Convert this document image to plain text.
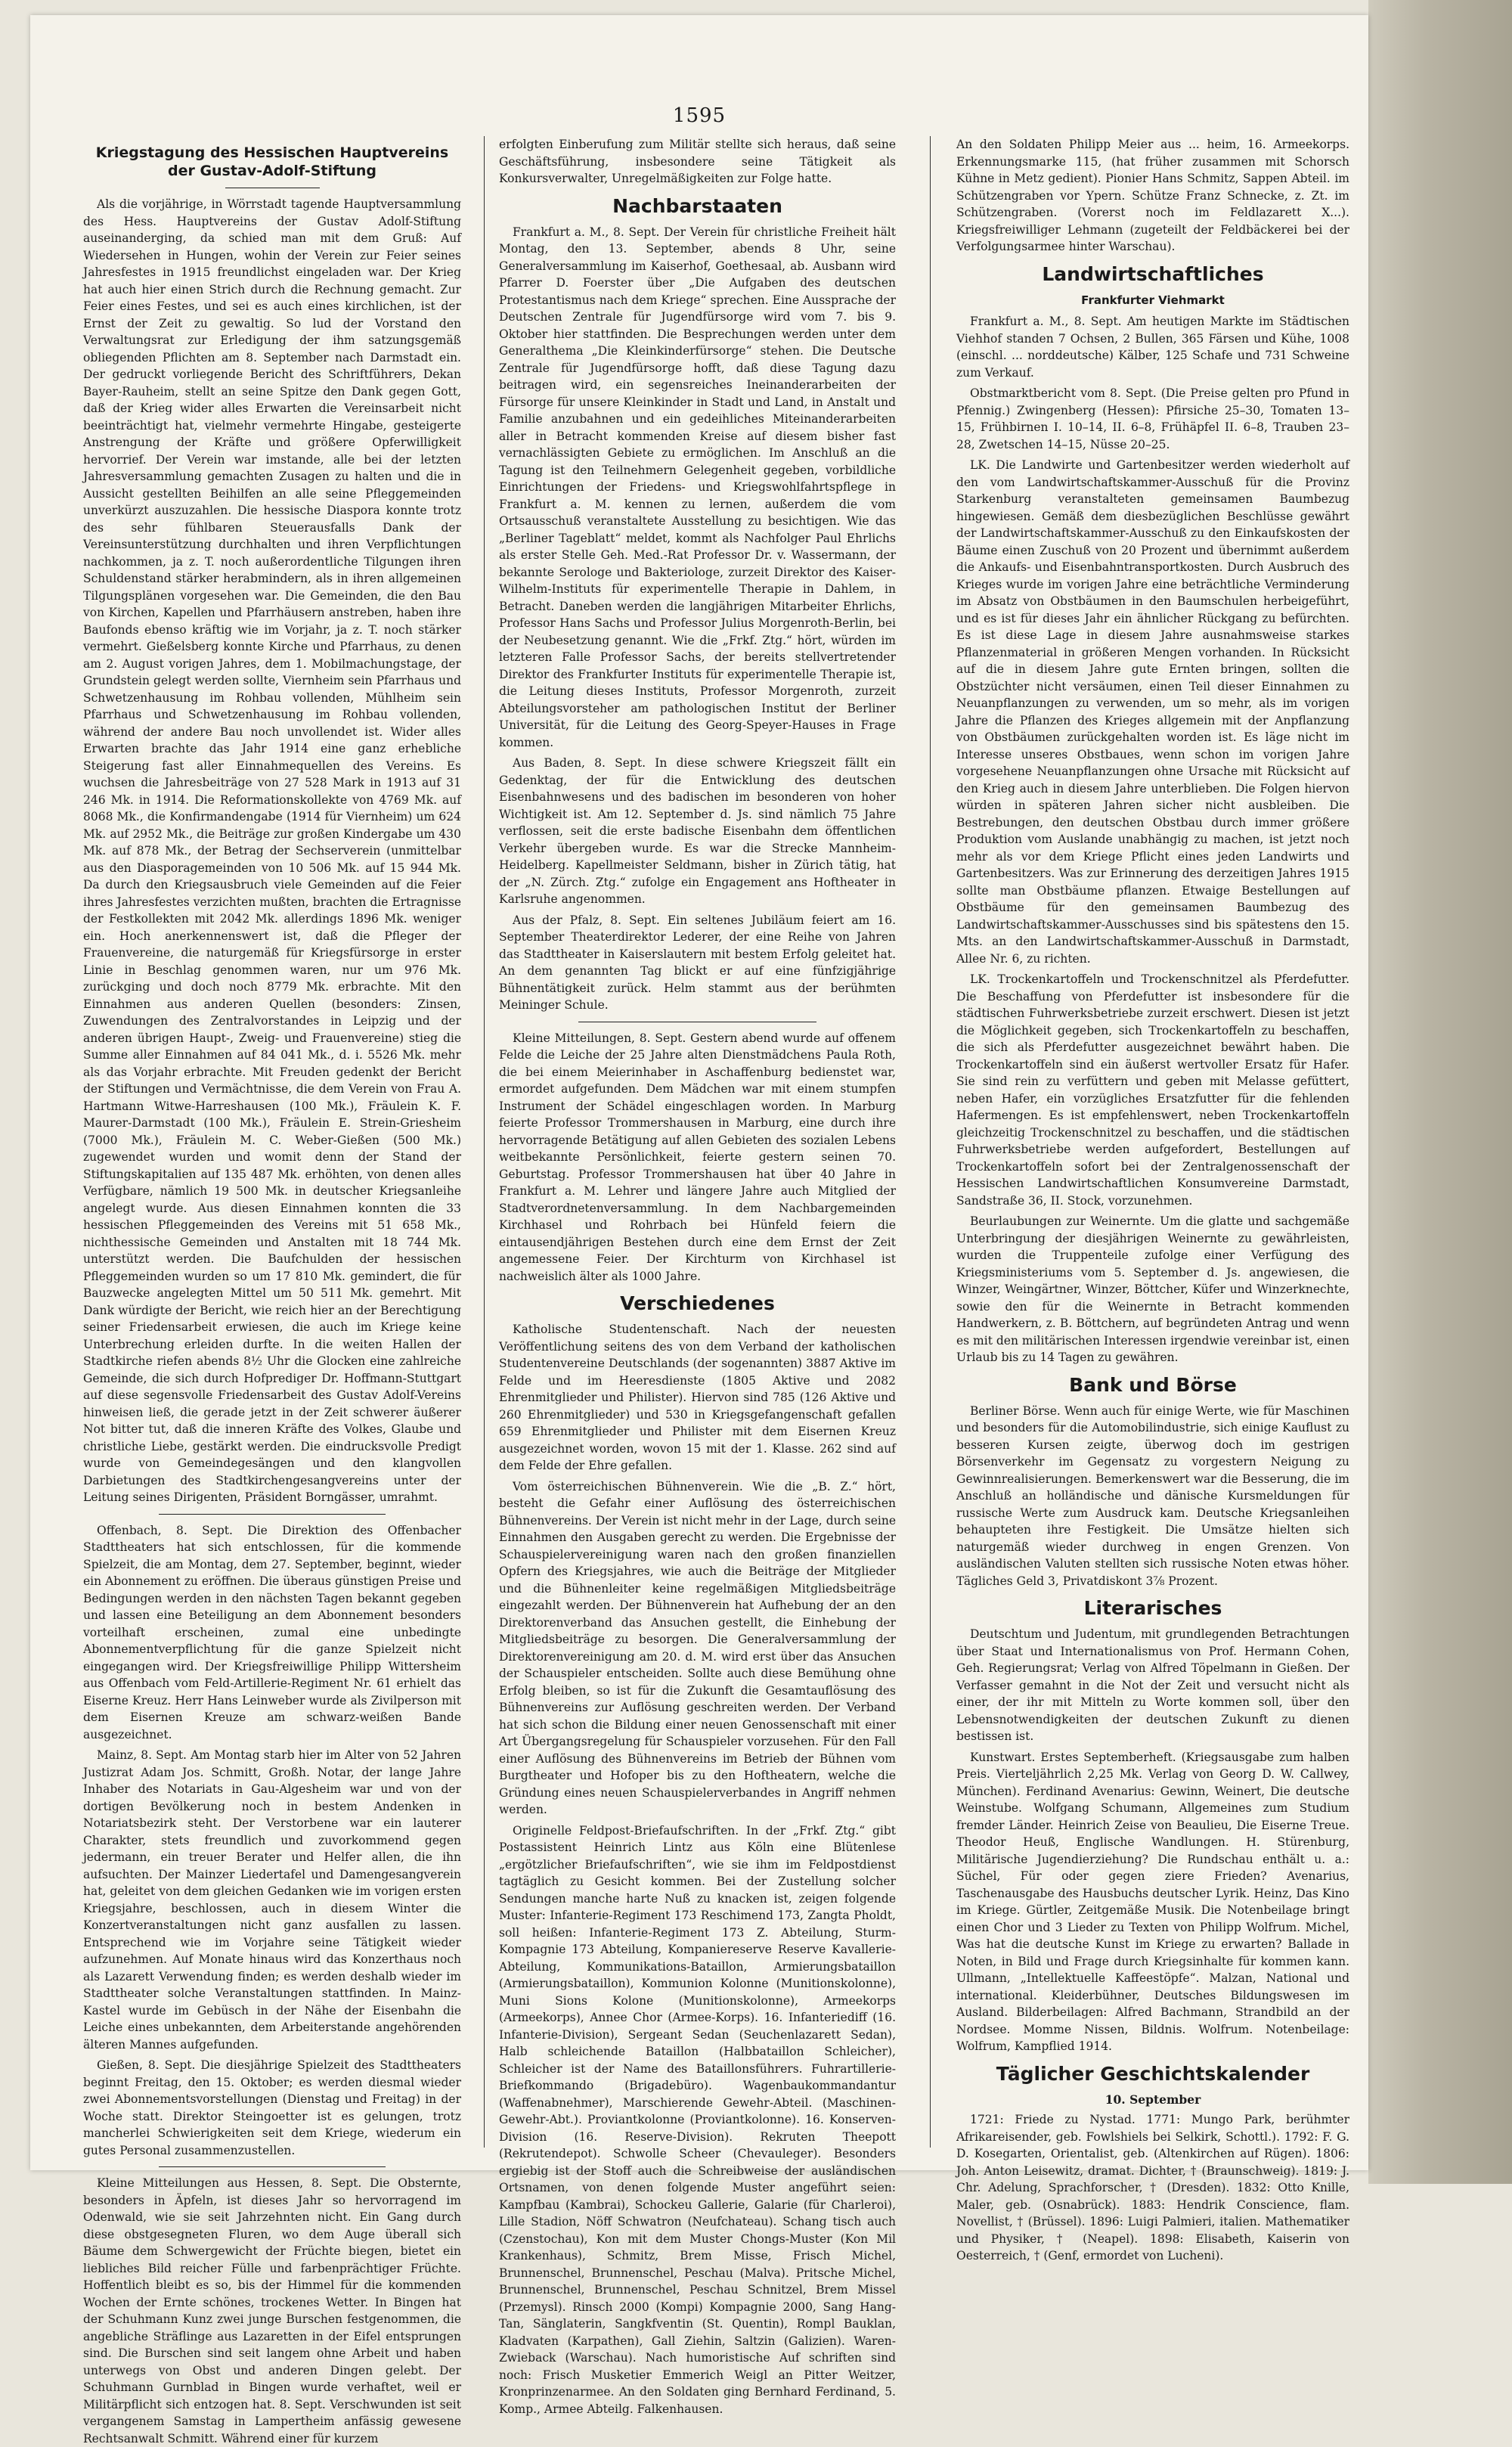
1595
Kriegstagung des Hessischen Hauptvereins der Gustav-Adolf-Stiftung

Als die vorjährige, in Wörrstadt tagende Hauptversammlung des Hess. Hauptvereins der Gustav Adolf-Stiftung auseinanderging, da schied man mit dem Gruß: Auf Wiedersehen in Hungen, wohin der Verein zur Feier seines Jahresfestes in 1915 freundlichst eingeladen war. Der Krieg hat auch hier einen Strich durch die Rechnung gemacht. Zur Feier eines Festes, und sei es auch eines kirchlichen, ist der Ernst der Zeit zu gewaltig. So lud der Vorstand den Verwaltungsrat zur Erledigung der ihm satzungsgemäß obliegenden Pflichten am 8. September nach Darmstadt ein. Der gedruckt vorliegende Bericht des Schriftführers, Dekan Bayer-Rauheim, stellt an seine Spitze den Dank gegen Gott, daß der Krieg wider alles Erwarten die Vereinsarbeit nicht beeinträchtigt hat, vielmehr vermehrte Hingabe, gesteigerte Anstrengung der Kräfte und größere Opferwilligkeit hervorrief. Der Verein war imstande, alle bei der letzten Jahresversammlung gemachten Zusagen zu halten und die in Aussicht gestellten Beihilfen an alle seine Pfleggemeinden unverkürzt auszuzahlen. Die hessische Diaspora konnte trotz des sehr fühlbaren Steuerausfalls Dank der Vereinsunterstützung durchhalten und ihren Verpflichtungen nachkommen, ja z. T. noch außerordentliche Tilgungen ihren Schuldenstand stärker herabmindern, als in ihren allgemeinen Tilgungsplänen vorgesehen war. Die Gemeinden, die den Bau von Kirchen, Kapellen und Pfarrhäusern anstreben, haben ihre Baufonds ebenso kräftig wie im Vorjahr, ja z. T. noch stärker vermehrt. Gießelsberg konnte Kirche und Pfarrhaus, zu denen am 2. August vorigen Jahres, dem 1. Mobilmachungstage, der Grundstein gelegt werden sollte, Viernheim sein Pfarrhaus und Schwetzenhausung im Rohbau vollenden, Mühlheim sein Pfarrhaus und Schwetzenhausung im Rohbau vollenden, während der andere Bau noch unvollendet ist. Wider alles Erwarten brachte das Jahr 1914 eine ganz erhebliche Steigerung fast aller Einnahmequellen des Vereins. Es wuchsen die Jahresbeiträge von 27 528 Mark in 1913 auf 31 246 Mk. in 1914. Die Reformationskollekte von 4769 Mk. auf 8068 Mk., die Konfirmandengabe (1914 für Viernheim) um 624 Mk. auf 2952 Mk., die Beiträge zur großen Kindergabe um 430 Mk. auf 878 Mk., der Betrag der Sechserverein (unmittelbar aus den Diasporagemeinden von 10 506 Mk. auf 15 944 Mk. Da durch den Kriegsausbruch viele Gemeinden auf die Feier ihres Jahresfestes verzichten mußten, brachten die Ertragnisse der Festkollekten mit 2042 Mk. allerdings 1896 Mk. weniger ein. Hoch anerkennenswert ist, daß die Pfleger der Frauenvereine, die naturgemäß für Kriegsfürsorge in erster Linie in Beschlag genommen waren, nur um 976 Mk. zurückging und doch noch 8779 Mk. erbrachte. Mit den Einnahmen aus anderen Quellen (besonders: Zinsen, Zuwendungen des Zentralvorstandes in Leipzig und der anderen übrigen Haupt-, Zweig- und Frauenvereine) stieg die Summe aller Einnahmen auf 84 041 Mk., d. i. 5526 Mk. mehr als das Vorjahr erbrachte. Mit Freuden gedenkt der Bericht der Stiftungen und Vermächtnisse, die dem Verein von Frau A. Hartmann Witwe-Harreshausen (100 Mk.), Fräulein K. F. Maurer-Darmstadt (100 Mk.), Fräulein E. Strein-Griesheim (7000 Mk.), Fräulein M. C. Weber-Gießen (500 Mk.) zugewendet wurden und womit denn der Stand der Stiftungskapitalien auf 135 487 Mk. erhöhten, von denen alles Verfügbare, nämlich 19 500 Mk. in deutscher Kriegsanleihe angelegt wurde. Aus diesen Einnahmen konnten die 33 hessischen Pfleggemeinden des Vereins mit 51 658 Mk., nichthessische Gemeinden und Anstalten mit 18 744 Mk. unterstützt werden. Die Baufchulden der hessischen Pfleggemeinden wurden so um 17 810 Mk. gemindert, die für Bauzwecke angelegten Mittel um 50 511 Mk. gemehrt. Mit Dank würdigte der Bericht, wie reich hier an der Berechtigung seiner Friedensarbeit erwiesen, die auch im Kriege keine Unterbrechung erleiden durfte. In die weiten Hallen der Stadtkirche riefen abends 8½ Uhr die Glocken eine zahlreiche Gemeinde, die sich durch Hofprediger Dr. Hoffmann-Stuttgart auf diese segensvolle Friedensarbeit des Gustav Adolf-Vereins hinweisen ließ, die gerade jetzt in der Zeit schwerer äußerer Not bitter tut, daß die inneren Kräfte des Volkes, Glaube und christliche Liebe, gestärkt werden. Die eindrucksvolle Predigt wurde von Gemeindegesängen und den klangvollen Darbietungen des Stadtkirchengesangvereins unter der Leitung seines Dirigenten, Präsident Borngässer, umrahmt.

Offenbach, 8. Sept. Die Direktion des Offenbacher Stadttheaters hat sich entschlossen, für die kommende Spielzeit, die am Montag, dem 27. September, beginnt, wieder ein Abonnement zu eröffnen. Die überaus günstigen Preise und Bedingungen werden in den nächsten Tagen bekannt gegeben und lassen eine Beteiligung an dem Abonnement besonders vorteilhaft erscheinen, zumal eine unbedingte Abonnementverpflichtung für die ganze Spielzeit nicht eingegangen wird. Der Kriegsfreiwillige Philipp Wittersheim aus Offenbach vom Feld-Artillerie-Regiment Nr. 61 erhielt das Eiserne Kreuz. Herr Hans Leinweber wurde als Zivilperson mit dem Eisernen Kreuze am schwarz-weißen Bande ausgezeichnet.

Mainz, 8. Sept. Am Montag starb hier im Alter von 52 Jahren Justizrat Adam Jos. Schmitt, Großh. Notar, der lange Jahre Inhaber des Notariats in Gau-Algesheim war und von der dortigen Bevölkerung noch in bestem Andenken in Notariatsbezirk steht. Der Verstorbene war ein lauterer Charakter, stets freundlich und zuvorkommend gegen jedermann, ein treuer Berater und Helfer allen, die ihn aufsuchten. Der Mainzer Liedertafel und Damengesangverein hat, geleitet von dem gleichen Gedanken wie im vorigen ersten Kriegsjahre, beschlossen, auch in diesem Winter die Konzertveranstaltungen nicht ganz ausfallen zu lassen. Entsprechend wie im Vorjahre seine Tätigkeit wieder aufzunehmen. Auf Monate hinaus wird das Konzerthaus noch als Lazarett Verwendung finden; es werden deshalb wieder im Stadttheater solche Veranstaltungen stattfinden. In Mainz-Kastel wurde im Gebüsch in der Nähe der Eisenbahn die Leiche eines unbekannten, dem Arbeiterstande angehörenden älteren Mannes aufgefunden.

Gießen, 8. Sept. Die diesjährige Spielzeit des Stadttheaters beginnt Freitag, den 15. Oktober; es werden diesmal wieder zwei Abonnementsvorstellungen (Dienstag und Freitag) in der Woche statt. Direktor Steingoetter ist es gelungen, trotz mancherlei Schwierigkeiten seit dem Kriege, wiederum ein gutes Personal zusammenzustellen.

Kleine Mitteilungen aus Hessen, 8. Sept. Die Obsternte, besonders in Äpfeln, ist dieses Jahr so hervorragend im Odenwald, wie sie seit Jahrzehnten nicht. Ein Gang durch diese obstgesegneten Fluren, wo dem Auge überall sich Bäume dem Schwergewicht der Früchte biegen, bietet ein liebliches Bild reicher Fülle und farbenprächtiger Früchte. Hoffentlich bleibt es so, bis der Himmel für die kommenden Wochen der Ernte schönes, trockenes Wetter. In Bingen hat der Schuhmann Kunz zwei junge Burschen festgenommen, die angebliche Sträflinge aus Lazaretten in der Eifel entsprungen sind. Die Burschen sind seit langem ohne Arbeit und haben unterwegs von Obst und anderen Dingen gelebt. Der Schuhmann Gurnblad in Bingen wurde verhaftet, weil er Militärpflicht sich entzogen hat. 8. Sept. Verschwunden ist seit vergangenem Samstag in Lampertheim anfässig gewesene Rechtsanwalt Schmitt. Während einer für kurzem

erfolgten Einberufung zum Militär stellte sich heraus, daß seine Geschäftsführung, insbesondere seine Tätigkeit als Konkursverwalter, Unregelmäßigkeiten zur Folge hatte.

Nachbarstaaten

Frankfurt a. M., 8. Sept. Der Verein für christliche Freiheit hält Montag, den 13. September, abends 8 Uhr, seine Generalversammlung im Kaiserhof, Goethesaal, ab. Ausbann wird Pfarrer D. Foerster über „Die Aufgaben des deutschen Protestantismus nach dem Kriege“ sprechen. Eine Aussprache der Deutschen Zentrale für Jugendfürsorge wird vom 7. bis 9. Oktober hier stattfinden. Die Besprechungen werden unter dem Generalthema „Die Kleinkinderfürsorge“ stehen. Die Deutsche Zentrale für Jugendfürsorge hofft, daß diese Tagung dazu beitragen wird, ein segensreiches Ineinanderarbeiten der Fürsorge für unsere Kleinkinder in Stadt und Land, in Anstalt und Familie anzubahnen und ein gedeihliches Miteinanderarbeiten aller in Betracht kommenden Kreise auf diesem bisher fast vernachlässigten Gebiete zu ermöglichen. Im Anschluß an die Tagung ist den Teilnehmern Gelegenheit gegeben, vorbildliche Einrichtungen der Friedens- und Kriegswohlfahrtspflege in Frankfurt a. M. kennen zu lernen, außerdem die vom Ortsausschuß veranstaltete Ausstellung zu besichtigen. Wie das „Berliner Tageblatt“ meldet, kommt als Nachfolger Paul Ehrlichs als erster Stelle Geh. Med.-Rat Professor Dr. v. Wassermann, der bekannte Serologe und Bakteriologe, zurzeit Direktor des Kaiser-Wilhelm-Instituts für experimentelle Therapie in Dahlem, in Betracht. Daneben werden die langjährigen Mitarbeiter Ehrlichs, Professor Hans Sachs und Professor Julius Morgenroth-Berlin, bei der Neubesetzung genannt. Wie die „Frkf. Ztg.“ hört, würden im letzteren Falle Professor Sachs, der bereits stellvertretender Direktor des Frankfurter Instituts für experimentelle Therapie ist, die Leitung dieses Instituts, Professor Morgenroth, zurzeit Abteilungsvorsteher am pathologischen Institut der Berliner Universität, für die Leitung des Georg-Speyer-Hauses in Frage kommen.

Aus Baden, 8. Sept. In diese schwere Kriegszeit fällt ein Gedenktag, der für die Entwicklung des deutschen Eisenbahnwesens und des badischen im besonderen von hoher Wichtigkeit ist. Am 12. September d. Js. sind nämlich 75 Jahre verflossen, seit die erste badische Eisenbahn dem öffentlichen Verkehr übergeben wurde. Es war die Strecke Mannheim-Heidelberg. Kapellmeister Seldmann, bisher in Zürich tätig, hat der „N. Zürch. Ztg.“ zufolge ein Engagement ans Hoftheater in Karlsruhe angenommen.

Aus der Pfalz, 8. Sept. Ein seltenes Jubiläum feiert am 16. September Theaterdirektor Lederer, der eine Reihe von Jahren das Stadttheater in Kaiserslautern mit bestem Erfolg geleitet hat. An dem genannten Tag blickt er auf eine fünfzigjährige Bühnentätigkeit zurück. Helm stammt aus der berühmten Meininger Schule.

Kleine Mitteilungen, 8. Sept. Gestern abend wurde auf offenem Felde die Leiche der 25 Jahre alten Dienstmädchens Paula Roth, die bei einem Meierinhaber in Aschaffenburg bedienstet war, ermordet aufgefunden. Dem Mädchen war mit einem stumpfen Instrument der Schädel eingeschlagen worden. In Marburg feierte Professor Trommershausen in Marburg, eine durch ihre hervorragende Betätigung auf allen Gebieten des sozialen Lebens weitbekannte Persönlichkeit, feierte gestern seinen 70. Geburtstag. Professor Trommershausen hat über 40 Jahre in Frankfurt a. M. Lehrer und längere Jahre auch Mitglied der Stadtverordnetenversammlung. In dem Nachbargemeinden Kirchhasel und Rohrbach bei Hünfeld feiern die eintausendjährigen Bestehen durch eine dem Ernst der Zeit angemessene Feier. Der Kirchturm von Kirchhasel ist nachweislich älter als 1000 Jahre.

Verschiedenes

Katholische Studentenschaft. Nach der neuesten Veröffentlichung seitens des von dem Verband der katholischen Studentenvereine Deutschlands (der sogenannten) 3887 Aktive im Felde und im Heeresdienste (1805 Aktive und 2082 Ehrenmitglieder und Philister). Hiervon sind 785 (126 Aktive und 260 Ehrenmitglieder) und 530 in Kriegsgefangenschaft gefallen 659 Ehrenmitglieder und Philister mit dem Eisernen Kreuz ausgezeichnet worden, wovon 15 mit der 1. Klasse. 262 sind auf dem Felde der Ehre gefallen.

Vom österreichischen Bühnenverein. Wie die „B. Z.“ hört, besteht die Gefahr einer Auflösung des österreichischen Bühnenvereins. Der Verein ist nicht mehr in der Lage, durch seine Einnahmen den Ausgaben gerecht zu werden. Die Ergebnisse der Schauspielervereinigung waren nach den großen finanziellen Opfern des Kriegsjahres, wie auch die Beiträge der Mitglieder und die Bühnenleiter keine regelmäßigen Mitgliedsbeiträge eingezahlt werden. Der Bühnenverein hat Aufhebung der an den Direktorenverband das Ansuchen gestellt, die Einhebung der Mitgliedsbeiträge zu besorgen. Die Generalversammlung der Direktorenvereinigung am 20. d. M. wird erst über das Ansuchen der Schauspieler entscheiden. Sollte auch diese Bemühung ohne Erfolg bleiben, so ist für die Zukunft die Gesamtauflösung des Bühnenvereins zur Auflösung geschreiten werden. Der Verband hat sich schon die Bildung einer neuen Genossenschaft mit einer Art Übergangsregelung für Schauspieler vorzusehen. Für den Fall einer Auflösung des Bühnenvereins im Betrieb der Bühnen vom Burgtheater und Hofoper bis zu den Hoftheatern, welche die Gründung eines neuen Schauspielerverbandes in Angriff nehmen werden.

Originelle Feldpost-Briefaufschriften. In der „Frkf. Ztg.“ gibt Postassistent Heinrich Lintz aus Köln eine Blütenlese „ergötzlicher Briefaufschriften“, wie sie ihm im Feldpostdienst tagtäglich zu Gesicht kommen. Bei der Zustellung solcher Sendungen manche harte Nuß zu knacken ist, zeigen folgende Muster: Infanterie-Regiment 173 Reschimend 173, Zangta Pholdt, soll heißen: Infanterie-Regiment 173 Z. Abteilung, Sturm-Kompagnie 173 Abteilung, Kompaniereserve Reserve Kavallerie-Abteilung, Kommunikations-Bataillon, Armierungsbataillon (Armierungsbataillon), Kommunion Kolonne (Munitionskolonne), Muni Sions Kolone (Munitionskolonne), Armeekorps (Armeekorps), Annee Chor (Armee-Korps). 16. Infanteriediff (16. Infanterie-Division), Sergeant Sedan (Seuchenlazarett Sedan), Halb schleichende Bataillon (Halbbataillon Schleicher), Schleicher ist der Name des Bataillonsführers. Fuhrartillerie-Briefkommando (Brigadebüro). Wagenbaukommandantur (Waffenabnehmer), Marschierende Gewehr-Abteil. (Maschinen-Gewehr-Abt.). Proviantkolonne (Proviantkolonne). 16. Konserven-Division (16. Reserve-Division). Rekruten Theepott (Rekrutendepot). Schwolle Scheer (Chevauleger). Besonders ergiebig ist der Stoff auch die Schreibweise der ausländischen Ortsnamen, von denen folgende Muster angeführt seien: Kampfbau (Kambrai), Schockeu Gallerie, Galarie (für Charleroi), Lille Stadion, Nöff Schwatron (Neufchateau). Schang tisch auch (Czenstochau), Kon mit dem Muster Chongs-Muster (Kon Mil Krankenhaus), Schmitz, Brem Misse, Frisch Michel, Brunnenschel, Brunnenschel, Peschau (Malva). Pritsche Michel, Brunnenschel, Brunnenschel, Peschau Schnitzel, Brem Missel (Przemysl). Rinsch 2000 (Kompi) Kompagnie 2000, Sang Hang-Tan, Sänglaterin, Sangkfventin (St. Quentin), Rompl Bauklan, Kladvaten (Karpathen), Gall Ziehin, Saltzin (Galizien). Waren-Zwieback (Warschau). Nach humoristische Auf schriften sind noch: Frisch Musketier Emmerich Weigl an Pitter Weitzer, Kronprinzenarmee. An den Soldaten ging Bernhard Ferdinand, 5. Komp., Armee Abteilg. Falkenhausen.

An den Soldaten Philipp Meier aus ... heim, 16. Armeekorps. Erkennungsmarke 115, (hat früher zusammen mit Schorsch Kühne in Metz gedient). Pionier Hans Schmitz, Sappen Abteil. im Schützengraben vor Ypern. Schütze Franz Schnecke, z. Zt. im Schützengraben. (Vorerst noch im Feldlazarett X...). Kriegsfreiwilliger Lehmann (zugeteilt der Feldbäckerei bei der Verfolgungsarmee hinter Warschau).

Landwirtschaftliches
Frankfurter Viehmarkt

Frankfurt a. M., 8. Sept. Am heutigen Markte im Städtischen Viehhof standen 7 Ochsen, 2 Bullen, 365 Färsen und Kühe, 1008 (einschl. ... norddeutsche) Kälber, 125 Schafe und 731 Schweine zum Verkauf.

Obstmarktbericht vom 8. Sept. (Die Preise gelten pro Pfund in Pfennig.) Zwingenberg (Hessen): Pfirsiche 25–30, Tomaten 13–15, Frühbirnen I. 10–14, II. 6–8, Frühäpfel II. 6–8, Trauben 23–28, Zwetschen 14–15, Nüsse 20–25.

LK. Die Landwirte und Gartenbesitzer werden wiederholt auf den vom Landwirtschaftskammer-Ausschuß für die Provinz Starkenburg veranstalteten gemeinsamen Baumbezug hingewiesen. Gemäß dem diesbezüglichen Beschlüsse gewährt der Landwirtschaftskammer-Ausschuß zu den Einkaufskosten der Bäume einen Zuschuß von 20 Prozent und übernimmt außerdem die Ankaufs- und Eisenbahntransportkosten. Durch Ausbruch des Krieges wurde im vorigen Jahre eine beträchtliche Verminderung im Absatz von Obstbäumen in den Baumschulen herbeigeführt, und es ist für dieses Jahr ein ähnlicher Rückgang zu befürchten. Es ist diese Lage in diesem Jahre ausnahmsweise starkes Pflanzenmaterial in größeren Mengen vorhanden. In Rücksicht auf die in diesem Jahre gute Ernten bringen, sollten die Obstzüchter nicht versäumen, einen Teil dieser Einnahmen zu Neuanpflanzungen zu verwenden, um so mehr, als im vorigen Jahre die Pflanzen des Krieges allgemein mit der Anpflanzung von Obstbäumen zurückgehalten worden ist. Es läge nicht im Interesse unseres Obstbaues, wenn schon im vorigen Jahre vorgesehene Neuanpflanzungen ohne Ursache mit Rücksicht auf den Krieg auch in diesem Jahre unterblieben. Die Folgen hiervon würden in späteren Jahren sicher nicht ausbleiben. Die Bestrebungen, den deutschen Obstbau durch immer größere Produktion vom Auslande unabhängig zu machen, ist jetzt noch mehr als vor dem Kriege Pflicht eines jeden Landwirts und Gartenbesitzers. Was zur Erinnerung des derzeitigen Jahres 1915 sollte man Obstbäume pflanzen. Etwaige Bestellungen auf Obstbäume für den gemeinsamen Baumbezug des Landwirtschaftskammer-Ausschusses sind bis spätestens den 15. Mts. an den Landwirtschaftskammer-Ausschuß in Darmstadt, Allee Nr. 6, zu richten.

LK. Trockenkartoffeln und Trockenschnitzel als Pferdefutter. Die Beschaffung von Pferdefutter ist insbesondere für die städtischen Fuhrwerksbetriebe zurzeit erschwert. Diesen ist jetzt die Möglichkeit gegeben, sich Trockenkartoffeln zu beschaffen, die sich als Pferdefutter ausgezeichnet bewährt haben. Die Trockenkartoffeln sind ein äußerst wertvoller Ersatz für Hafer. Sie sind rein zu verfüttern und geben mit Melasse gefüttert, neben Hafer, ein vorzügliches Ersatzfutter für die fehlenden Hafermengen. Es ist empfehlenswert, neben Trockenkartoffeln gleichzeitig Trockenschnitzel zu beschaffen, und die städtischen Fuhrwerksbetriebe werden aufgefordert, Bestellungen auf Trockenkartoffeln sofort bei der Zentralgenossenschaft der Hessischen Landwirtschaftlichen Konsumvereine Darmstadt, Sandstraße 36, II. Stock, vorzunehmen.

Beurlaubungen zur Weinernte. Um die glatte und sachgemäße Unterbringung der diesjährigen Weinernte zu gewährleisten, wurden die Truppenteile zufolge einer Verfügung des Kriegsministeriums vom 5. September d. Js. angewiesen, die Winzer, Weingärtner, Winzer, Böttcher, Küfer und Winzerknechte, sowie den für die Weinernte in Betracht kommenden Handwerkern, z. B. Böttchern, auf begründeten Antrag und wenn es mit den militärischen Interessen irgendwie vereinbar ist, einen Urlaub bis zu 14 Tagen zu gewähren.

Bank und Börse

Berliner Börse. Wenn auch für einige Werte, wie für Maschinen und besonders für die Automobilindustrie, sich einige Kauflust zu besseren Kursen zeigte, überwog doch im gestrigen Börsenverkehr im Gegensatz zu vorgestern Neigung zu Gewinnrealisierungen. Bemerkenswert war die Besserung, die im Anschluß an holländische und dänische Kursmeldungen für russische Werte zum Ausdruck kam. Deutsche Kriegsanleihen behaupteten ihre Festigkeit. Die Umsätze hielten sich naturgemäß wieder durchweg in engen Grenzen. Von ausländischen Valuten stellten sich russische Noten etwas höher. Tägliches Geld 3, Privatdiskont 3⅞ Prozent.

Literarisches

Deutschtum und Judentum, mit grundlegenden Betrachtungen über Staat und Internationalismus von Prof. Hermann Cohen, Geh. Regierungsrat; Verlag von Alfred Töpelmann in Gießen. Der Verfasser gemahnt in die Not der Zeit und versucht nicht als einer, der ihr mit Mitteln zu Worte kommen soll, über den Lebensnotwendigkeiten der deutschen Zukunft zu dienen bestissen ist.

Kunstwart. Erstes Septemberheft. (Kriegsausgabe zum halben Preis. Vierteljährlich 2,25 Mk. Verlag von Georg D. W. Callwey, München). Ferdinand Avenarius: Gewinn, Weinert, Die deutsche Weinstube. Wolfgang Schumann, Allgemeines zum Studium fremder Länder. Heinrich Zeise von Beaulieu, Die Eiserne Treue. Theodor Heuß, Englische Wandlungen. H. Stürenburg, Militärische Jugendierziehung? Die Rundschau enthält u. a.: Süchel, Für oder gegen ziere Frieden? Avenarius, Taschenausgabe des Hausbuchs deutscher Lyrik. Heinz, Das Kino im Kriege. Gürtler, Zeitgemäße Musik. Die Notenbeilage bringt einen Chor und 3 Lieder zu Texten von Philipp Wolfrum. Michel, Was hat die deutsche Kunst im Kriege zu erwarten? Ballade in Noten, in Bild und Frage durch Kriegsinhalte für kommen kann. Ullmann, „Intellektuelle Kaffeestöpfe“. Malzan, National und international. Kleiderbühner, Deutsches Bildungswesen im Ausland. Bilderbeilagen: Alfred Bachmann, Strandbild an der Nordsee. Momme Nissen, Bildnis. Wolfrum. Notenbeilage: Wolfrum, Kampflied 1914.

Täglicher Geschichtskalender
10. September

1721: Friede zu Nystad. 1771: Mungo Park, berühmter Afrikareisender, geb. Fowlshiels bei Selkirk, Schottl.). 1792: F. G. D. Kosegarten, Orientalist, geb. (Altenkirchen auf Rügen). 1806: Joh. Anton Leisewitz, dramat. Dichter, † (Braunschweig). 1819: J. Chr. Adelung, Sprachforscher, † (Dresden). 1832: Otto Knille, Maler, geb. (Osnabrück). 1883: Hendrik Conscience, flam. Novellist, † (Brüssel). 1896: Luigi Palmieri, italien. Mathematiker und Physiker, † (Neapel). 1898: Elisabeth, Kaiserin von Oesterreich, † (Genf, ermordet von Lucheni).
